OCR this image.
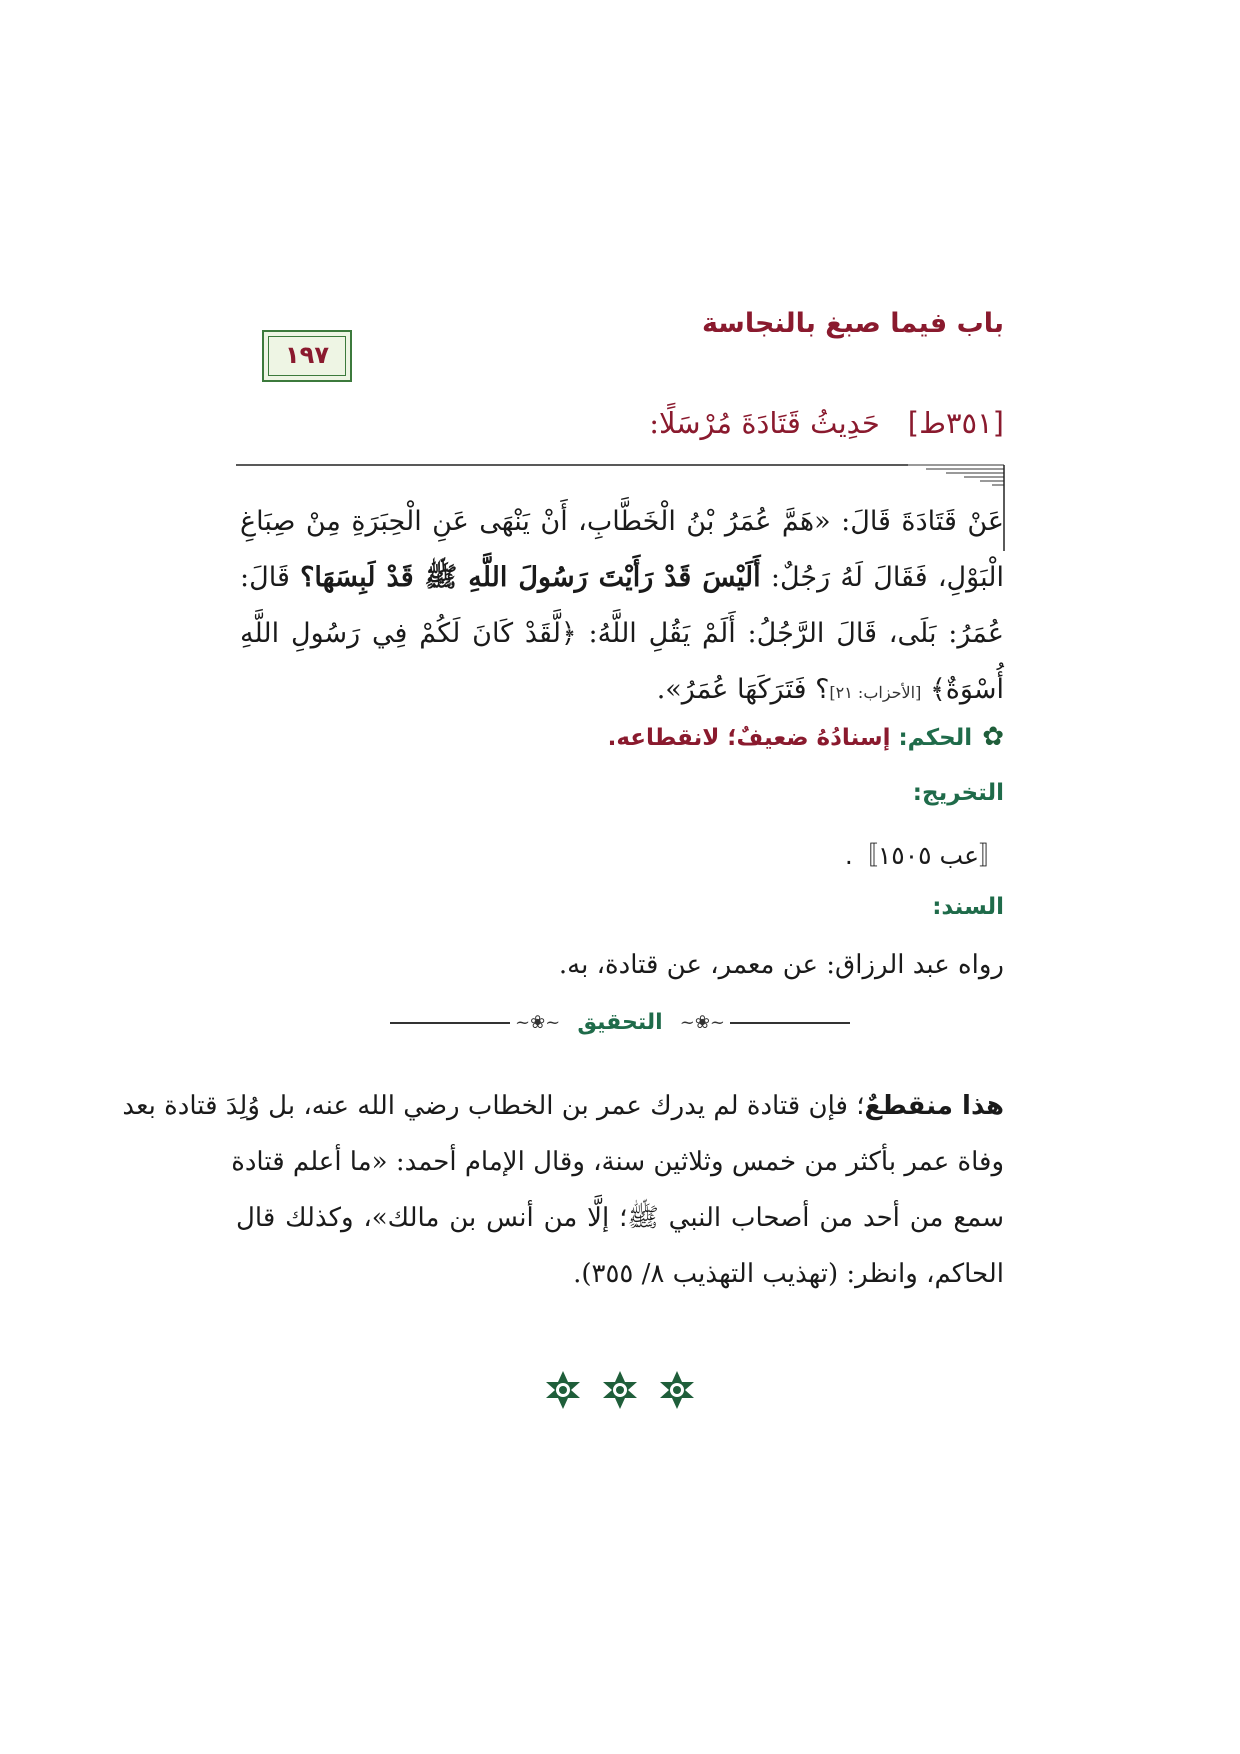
باب فيما صبغ بالنجاسة
١٩٧
[٣٥١ط]حَدِيثُ قَتَادَةَ مُرْسَلًا:
عَنْ قَتَادَةَ قَالَ: «هَمَّ عُمَرُ بْنُ الْخَطَّابِ، أَنْ يَنْهَى عَنِ الْحِبَرَةِ مِنْ صِبَاغِ
الْبَوْلِ، فَقَالَ لَهُ رَجُلٌ: أَلَيْسَ قَدْ رَأَيْتَ رَسُولَ اللَّهِ ﷺ قَدْ لَبِسَهَا؟ قَالَ:
عُمَرُ: بَلَى، قَالَ الرَّجُلُ: أَلَمْ يَقُلِ اللَّهُ: ﴿لَّقَدْ كَانَ لَكُمْ فِي رَسُولِ اللَّهِ
أُسْوَةٌ﴾ [الأحزاب: ٢١]؟ فَتَرَكَهَا عُمَرُ».
✿الحكم: إسنادُهُ ضعيفٌ؛ لانقطاعه.
التخريج:
〚عب ١٥٠٥〛.
السند:
رواه عبد الرزاق: عن معمر، عن قتادة، به.
~❀~ التحقيق ~❀~
هذا منقطعٌ؛ فإن قتادة لم يدرك عمر بن الخطاب رضي الله عنه، بل وُلِدَ قتادة بعد
وفاة عمر بأكثر من خمس وثلاثين سنة، وقال الإمام أحمد: «ما أعلم قتادة
سمع من أحد من أصحاب النبي ﷺ؛ إلَّا من أنس بن مالك»، وكذلك قال
الحاكم، وانظر: (تهذيب التهذيب ٨/ ٣٥٥).
